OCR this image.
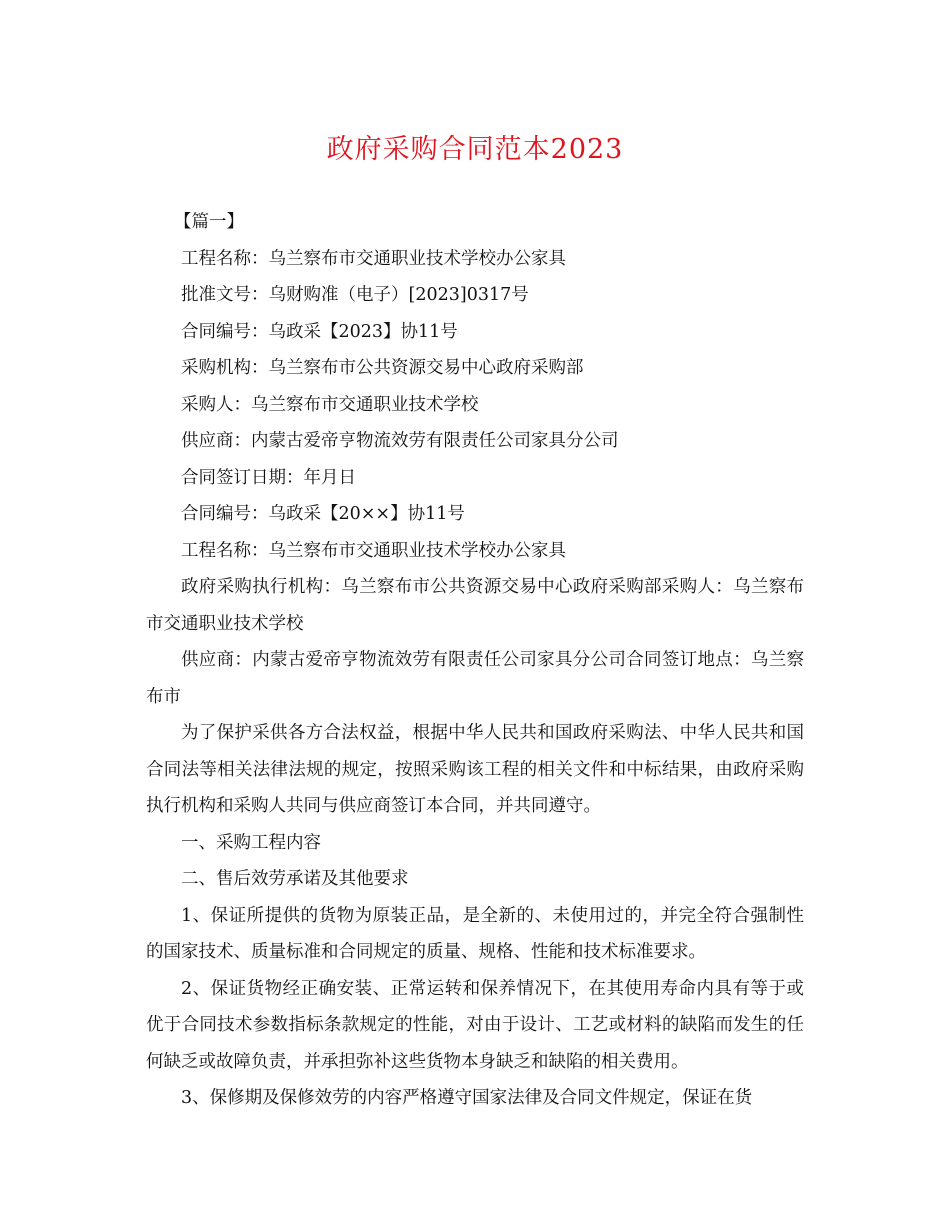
政府采购合同范本2023

【篇一】

工程名称：乌兰察布市交通职业技术学校办公家具

批准文号：乌财购准（电子）[2023]0317号

合同编号：乌政采【2023】协11号

采购机构：乌兰察布市公共资源交易中心政府采购部

采购人：乌兰察布市交通职业技术学校

供应商：内蒙古爱帝亨物流效劳有限责任公司家具分公司

合同签订日期：年月日

合同编号：乌政采【20××】协11号

工程名称：乌兰察布市交通职业技术学校办公家具

政府采购执行机构：乌兰察布市公共资源交易中心政府采购部采购人：乌兰察布市交通职业技术学校

供应商：内蒙古爱帝亨物流效劳有限责任公司家具分公司合同签订地点：乌兰察布市

为了保护采供各方合法权益，根据中华人民共和国政府采购法、中华人民共和国合同法等相关法律法规的规定，按照采购该工程的相关文件和中标结果，由政府采购执行机构和采购人共同与供应商签订本合同，并共同遵守。

一、采购工程内容

二、售后效劳承诺及其他要求

1、保证所提供的货物为原装正品，是全新的、未使用过的，并完全符合强制性的国家技术、质量标准和合同规定的质量、规格、性能和技术标准要求。

2、保证货物经正确安装、正常运转和保养情况下，在其使用寿命内具有等于或优于合同技术参数指标条款规定的性能，对由于设计、工艺或材料的缺陷而发生的任何缺乏或故障负责，并承担弥补这些货物本身缺乏和缺陷的相关费用。

3、保修期及保修效劳的内容严格遵守国家法律及合同文件规定，保证在货
